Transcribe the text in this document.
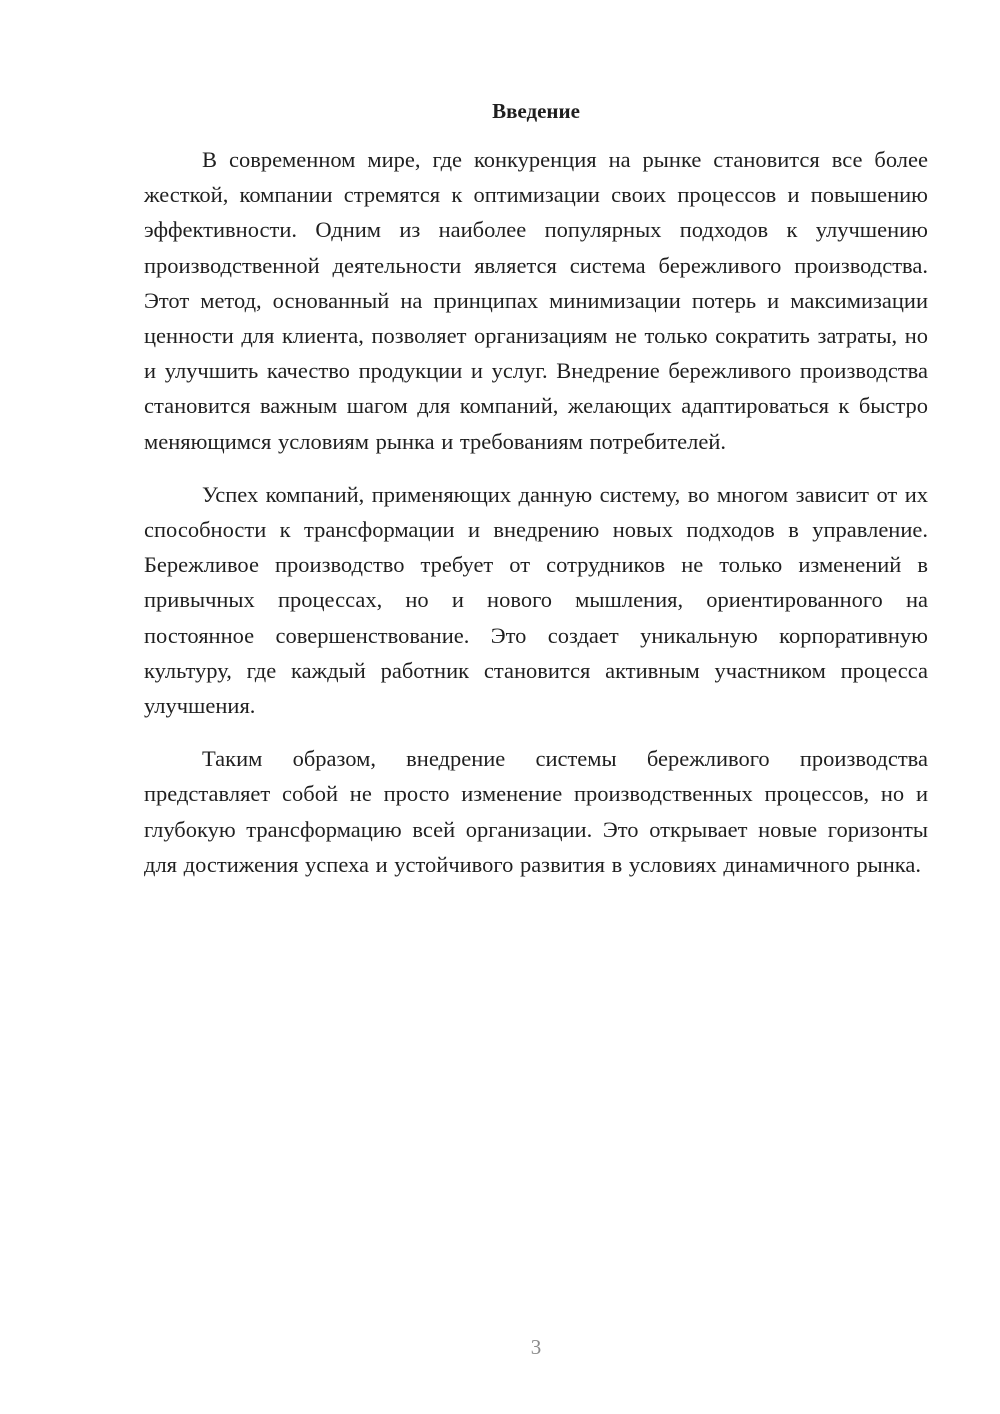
Введение

В современном мире, где конкуренция на рынке становится все более жесткой, компании стремятся к оптимизации своих процессов и повышению эффективности. Одним из наиболее популярных подходов к улучшению производственной деятельности является система бережливого производства. Этот метод, основанный на принципах минимизации потерь и максимизации ценности для клиента, позволяет организациям не только сократить затраты, но и улучшить качество продукции и услуг. Внедрение бережливого производства становится важным шагом для компаний, желающих адаптироваться к быстро меняющимся условиям рынка и требованиям потребителей.

Успех компаний, применяющих данную систему, во многом зависит от их способности к трансформации и внедрению новых подходов в управление. Бережливое производство требует от сотрудников не только изменений в привычных процессах, но и нового мышления, ориентированного на постоянное совершенствование. Это создает уникальную корпоративную культуру, где каждый работник становится активным участником процесса улучшения.

Таким образом, внедрение системы бережливого производства представляет собой не просто изменение производственных процессов, но и глубокую трансформацию всей организации. Это открывает новые горизонты для достижения успеха и устойчивого развития в условиях динамичного рынка.

3
